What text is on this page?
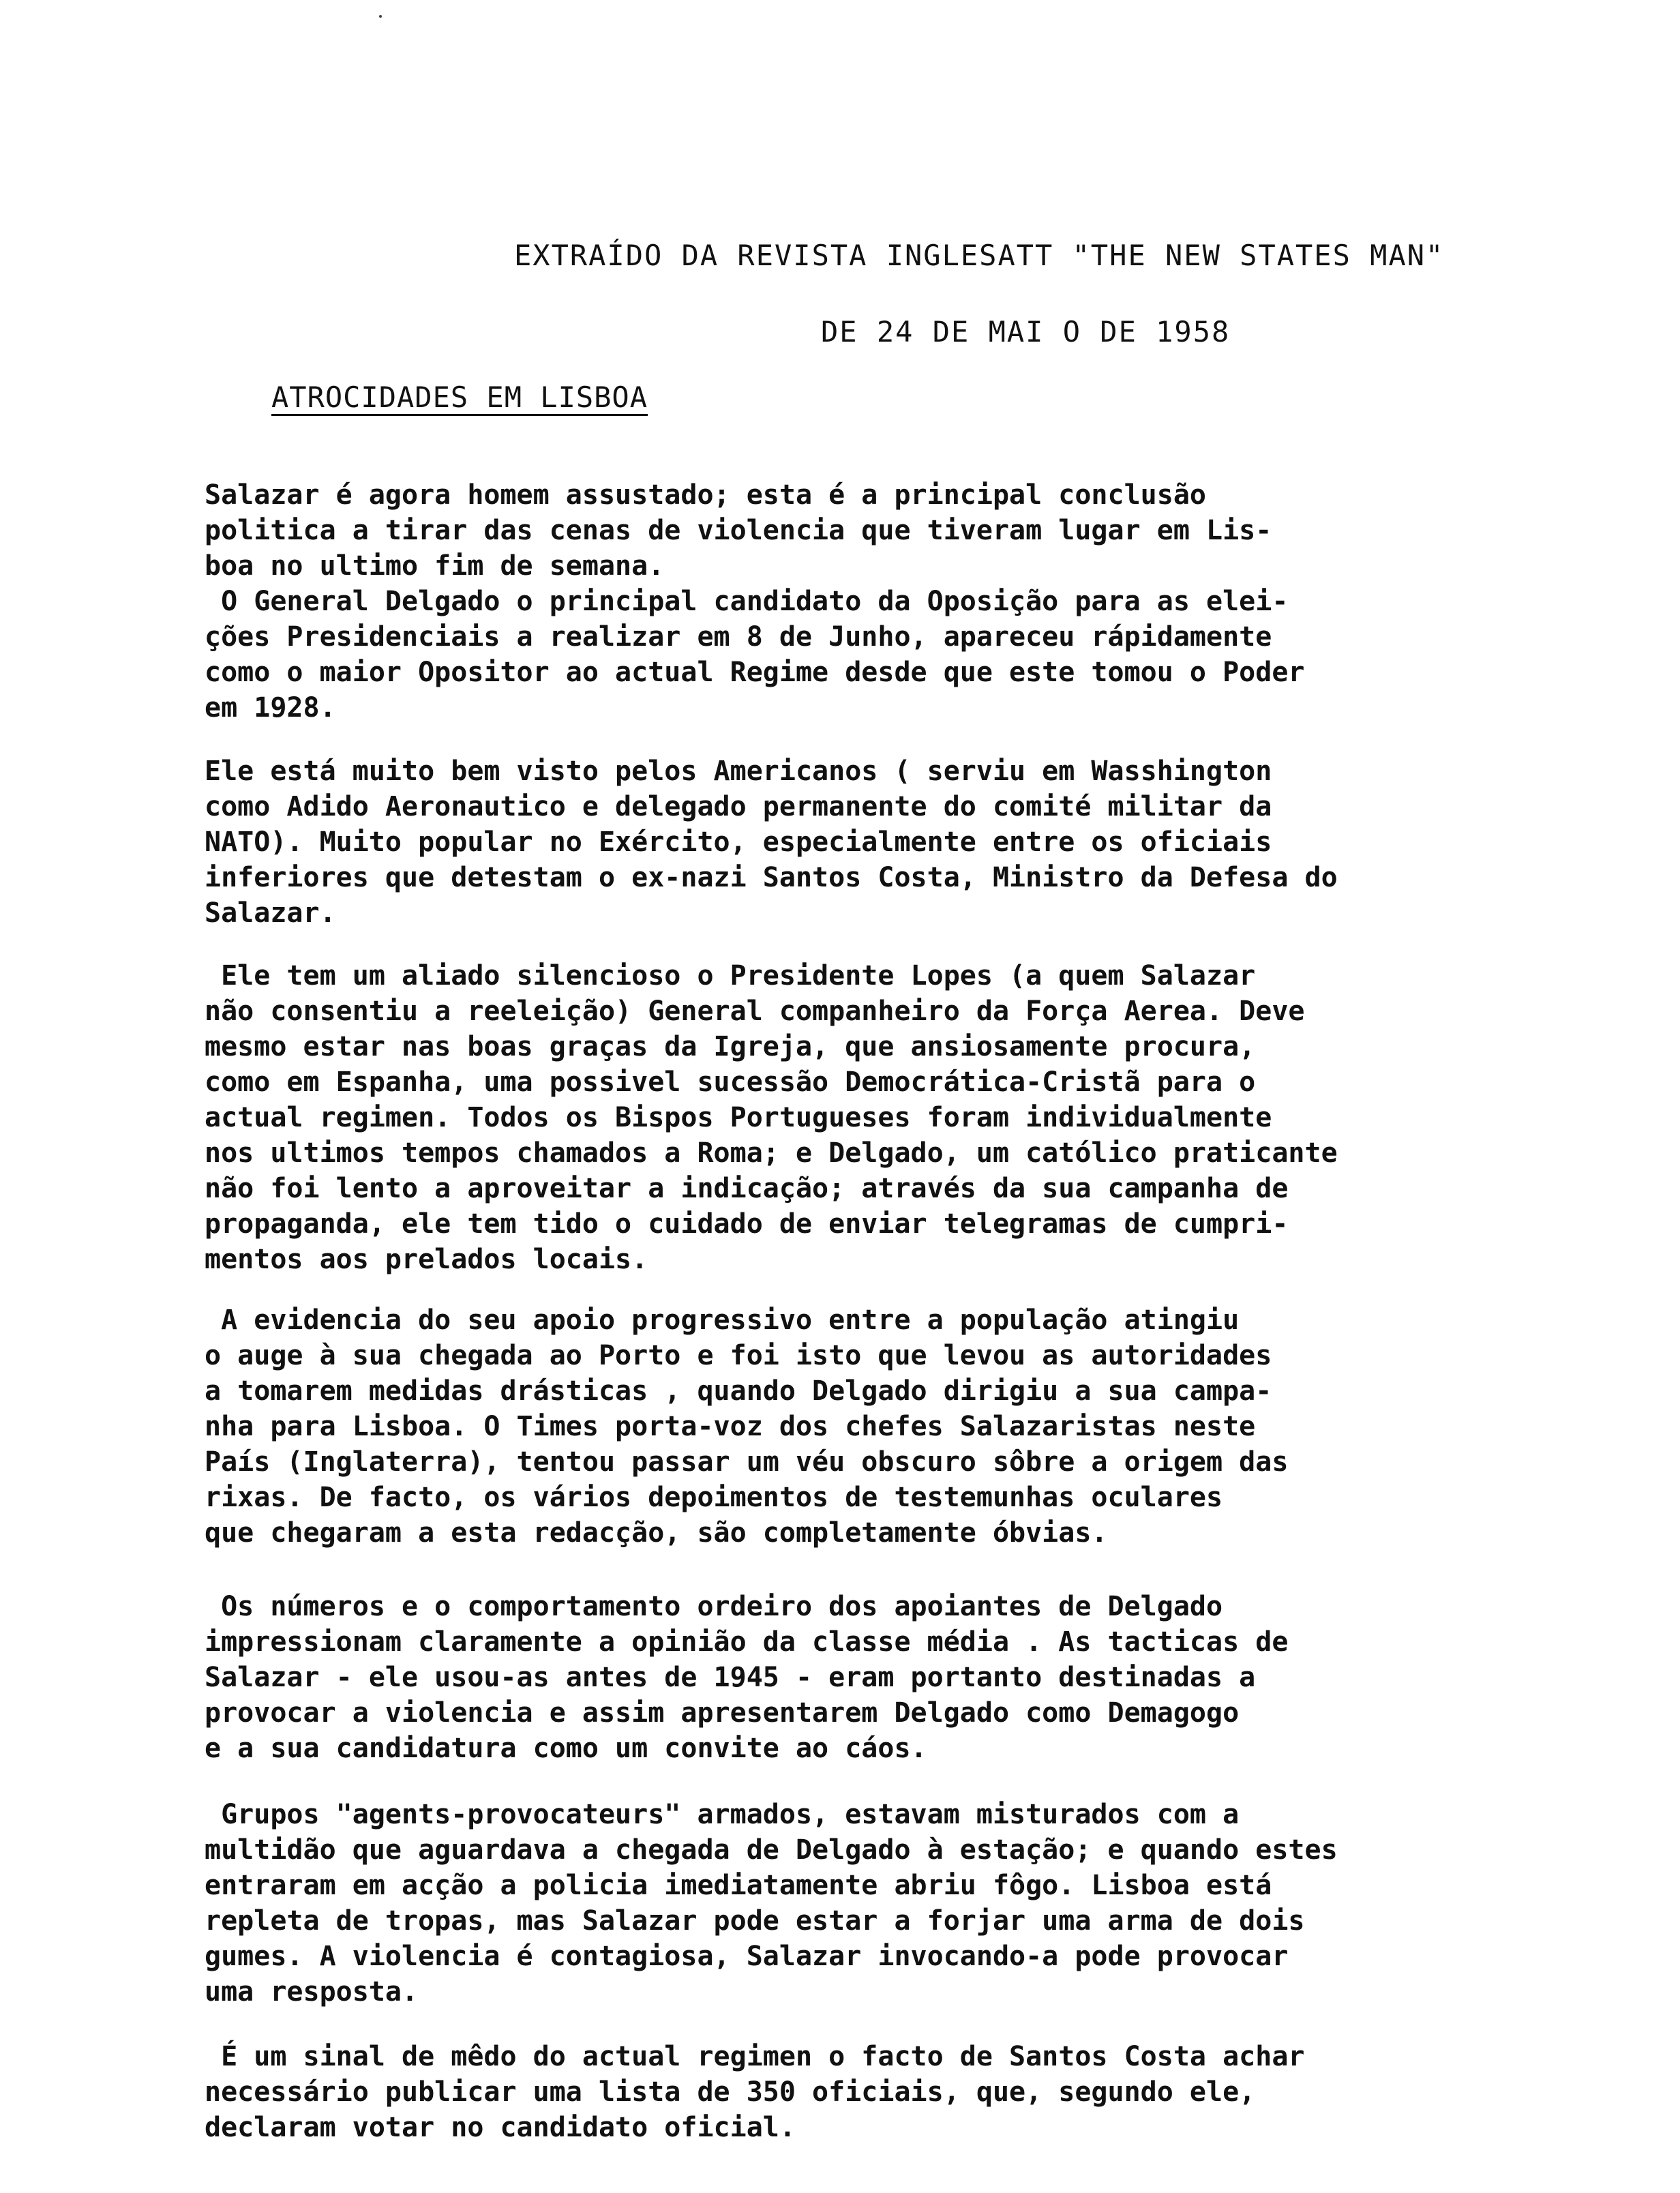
EXTRAÍDO DA REVISTA INGLESATT "THE NEW STATES MAN"
DE 24 DE MAI O DE 1958
ATROCIDADES EM LISBOA
Salazar é agora homem assustado; esta é a principal conclusão
politica a tirar das cenas de violencia que tiveram lugar em Lis-
boa no ultimo fim de semana.
O General Delgado o principal candidato da Oposição para as elei-
ções Presidenciais a realizar em 8 de Junho, apareceu rápidamente
como o maior Opositor ao actual Regime desde que este tomou o Poder
em 1928.
Ele está muito bem visto pelos Americanos ( serviu em Wasshington
como Adido Aeronautico e delegado permanente do comité militar da
NATO). Muito popular no Exército, especialmente entre os oficiais
inferiores que detestam o ex-nazi Santos Costa, Ministro da Defesa do
Salazar.
Ele tem um aliado silencioso o Presidente Lopes (a quem Salazar
não consentiu a reeleição) General companheiro da Força Aerea. Deve
mesmo estar nas boas graças da Igreja, que ansiosamente procura,
como em Espanha, uma possivel sucessão Democrática-Cristã para o
actual regimen. Todos os Bispos Portugueses foram individualmente
nos ultimos tempos chamados a Roma; e Delgado, um católico praticante
não foi lento a aproveitar a indicação; através da sua campanha de
propaganda, ele tem tido o cuidado de enviar telegramas de cumpri-
mentos aos prelados locais.
A evidencia do seu apoio progressivo entre a população atingiu
o auge à sua chegada ao Porto e foi isto que levou as autoridades
a tomarem medidas drásticas , quando Delgado dirigiu a sua campa-
nha para Lisboa. O Times porta-voz dos chefes Salazaristas neste
País (Inglaterra), tentou passar um véu obscuro sôbre a origem das
rixas. De facto, os vários depoimentos de testemunhas oculares
que chegaram a esta redacção, são completamente óbvias.
Os números e o comportamento ordeiro dos apoiantes de Delgado
impressionam claramente a opinião da classe média . As tacticas de
Salazar - ele usou-as antes de 1945 - eram portanto destinadas a
provocar a violencia e assim apresentarem Delgado como Demagogo
e a sua candidatura como um convite ao cáos.
Grupos "agents-provocateurs" armados, estavam misturados com a
multidão que aguardava a chegada de Delgado à estação; e quando estes
entraram em acção a policia imediatamente abriu fôgo. Lisboa está
repleta de tropas, mas Salazar pode estar a forjar uma arma de dois
gumes. A violencia é contagiosa, Salazar invocando-a pode provocar
uma resposta.
É um sinal de mêdo do actual regimen o facto de Santos Costa achar
necessário publicar uma lista de 350 oficiais, que, segundo ele,
declaram votar no candidato oficial.
